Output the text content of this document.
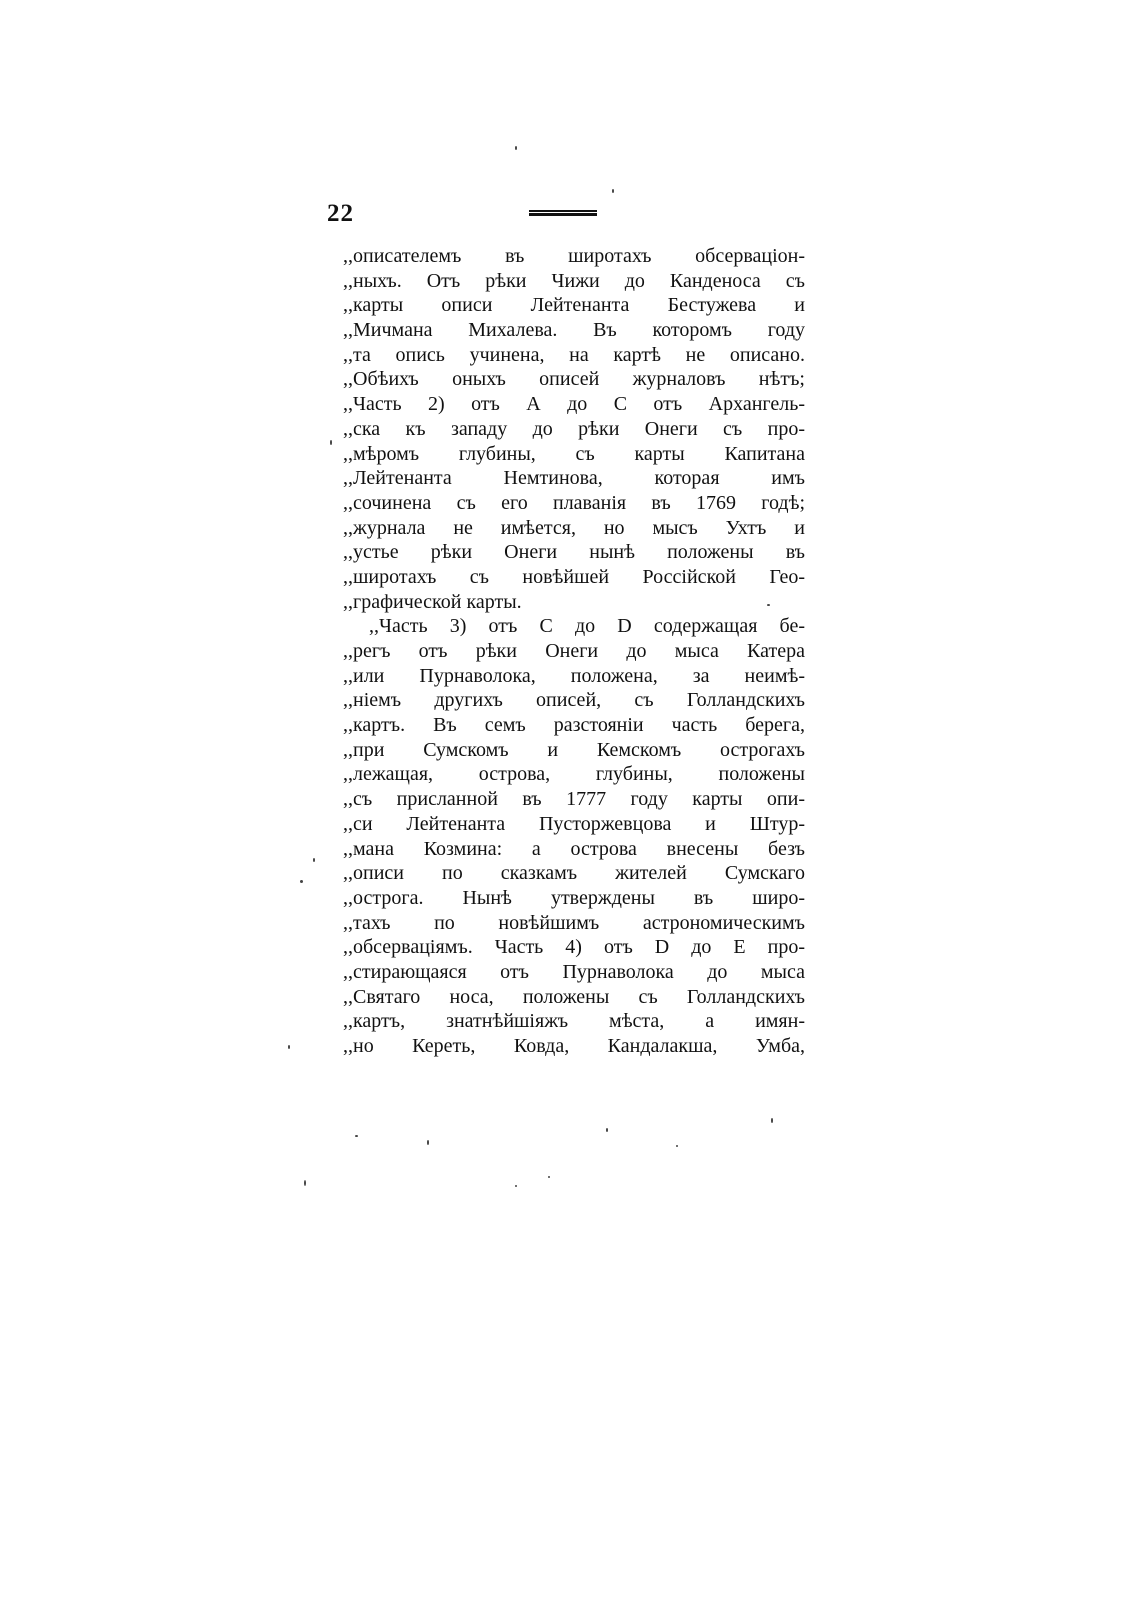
22
,,описателемъ въ широтахъ обсервацiон-
,,ныхъ. Отъ рѣки Чижи до Канденоса съ
,,карты описи Лейтенанта Бестужева и
,,Мичмана Михалева. Въ которомъ году
,,та опись учинена, на картѣ не описано.
,,Обѣихъ оныхъ описей журналовъ нѣтъ;
,,Часть 2) отъ А до С отъ Архангель-
,,ска къ западу до рѣки Онеги съ про-
,,мѣромъ глубины, съ карты Капитана
,,Лейтенанта Немтинова, которая имъ
,,сочинена съ его плаванiя въ 1769 годѣ;
,,журнала не имѣется, но мысъ Ухтъ и
,,устье рѣки Онеги нынѣ положены въ
,,широтахъ съ новѣйшей Россiйской Гео-
,,графической карты.
,,Часть 3) отъ С до D содержащая бе-
,,регъ отъ рѣки Онеги до мыса Катера
,,или Пурнаволока, положена, за неимѣ-
,,нiемъ другихъ описей, съ Голландскихъ
,,картъ. Въ семъ разстоянiи часть берега,
,,при Сумскомъ и Кемскомъ острогахъ
,,лежащая, острова, глубины, положены
,,съ присланной въ 1777 году карты опи-
,,си Лейтенанта Пусторжевцова и Штур-
,,мана Козмина: а острова внесены безъ
,,описи по сказкамъ жителей Сумскаго
,,острога. Нынѣ утверждены въ широ-
,,тахъ по новѣйшимъ астрономическимъ
,,обсервацiямъ. Часть 4) отъ D до Е про-
,,стирающаяся отъ Пурнаволока до мыса
,,Святаго носа, положены съ Голландскихъ
,,картъ, знатнѣйшiяжъ мѣста, а имян-
,,но Кереть, Ковда, Кандалакша, Умба,
